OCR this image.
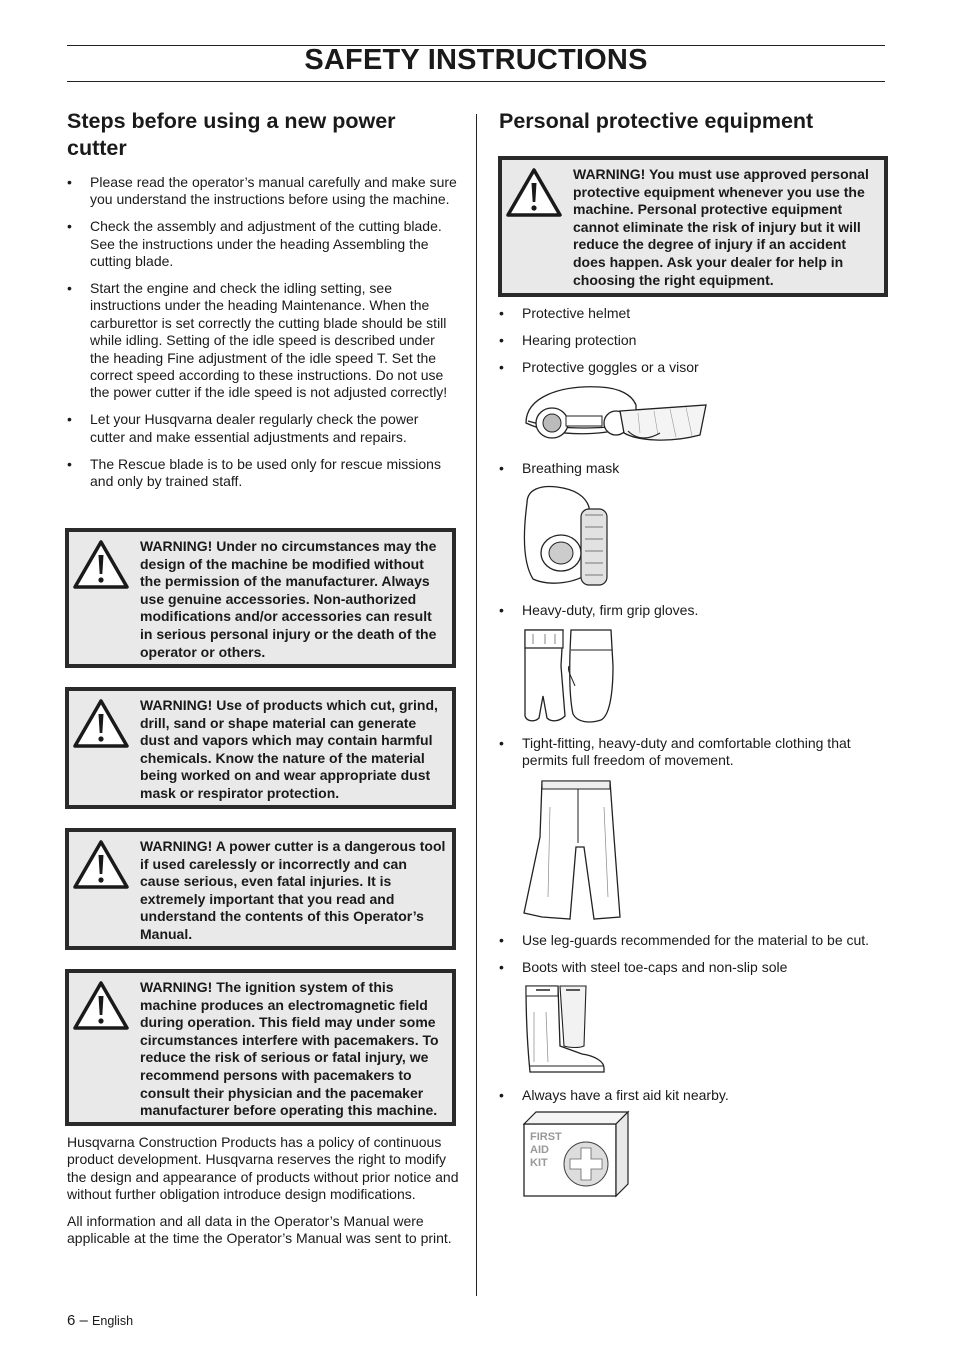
SAFETY INSTRUCTIONS
Steps before using a new power cutter
• Please read the operator’s manual carefully and make sure you understand the instructions before using the machine.
• Check the assembly and adjustment of the cutting blade. See the instructions under the heading Assembling the cutting blade.
• Start the engine and check the idling setting, see instructions under the heading Maintenance. When the carburettor is set correctly the cutting blade should be still while idling. Setting of the idle speed is described under the heading Fine adjustment of the idle speed T. Set the correct speed according to these instructions. Do not use the power cutter if the idle speed is not adjusted correctly!
• Let your Husqvarna dealer regularly check the power cutter and make essential adjustments and repairs.
• The Rescue blade is to be used only for rescue missions and only by trained staff.
WARNING! Under no circumstances may the design of the machine be modified without the permission of the manufacturer. Always use genuine accessories. Non-authorized modifications and/or accessories can result in serious personal injury or the death of the operator or others.
WARNING! Use of products which cut, grind, drill, sand or shape material can generate dust and vapors which may contain harmful chemicals. Know the nature of the material being worked on and wear appropriate dust mask or respirator protection.
WARNING! A power cutter is a dangerous tool if used carelessly or incorrectly and can cause serious, even fatal injuries. It is extremely important that you read and understand the contents of this Operator’s Manual.
WARNING! The ignition system of this machine produces an electromagnetic field during operation. This field may under some circumstances interfere with pacemakers. To reduce the risk of serious or fatal injury, we recommend persons with pacemakers to consult their physician and the pacemaker manufacturer before operating this machine.

Husqvarna Construction Products has a policy of continuous product development. Husqvarna reserves the right to modify the design and appearance of products without prior notice and without further obligation introduce design modifications.

All information and all data in the Operator’s Manual were applicable at the time the Operator’s Manual was sent to print.

Personal protective equipment
WARNING! You must use approved personal protective equipment whenever you use the machine. Personal protective equipment cannot eliminate the risk of injury but it will reduce the degree of injury if an accident does happen. Ask your dealer for help in choosing the right equipment.
• Protective helmet
• Hearing protection
• Protective goggles or a visor
• Breathing mask
• Heavy-duty, firm grip gloves.
• Tight-fitting, heavy-duty and comfortable clothing that permits full freedom of movement.
• Use leg-guards recommended for the material to be cut.
• Boots with steel toe-caps and non-slip sole
• Always have a first aid kit nearby.
FIRST
AID
KIT
6 – English
